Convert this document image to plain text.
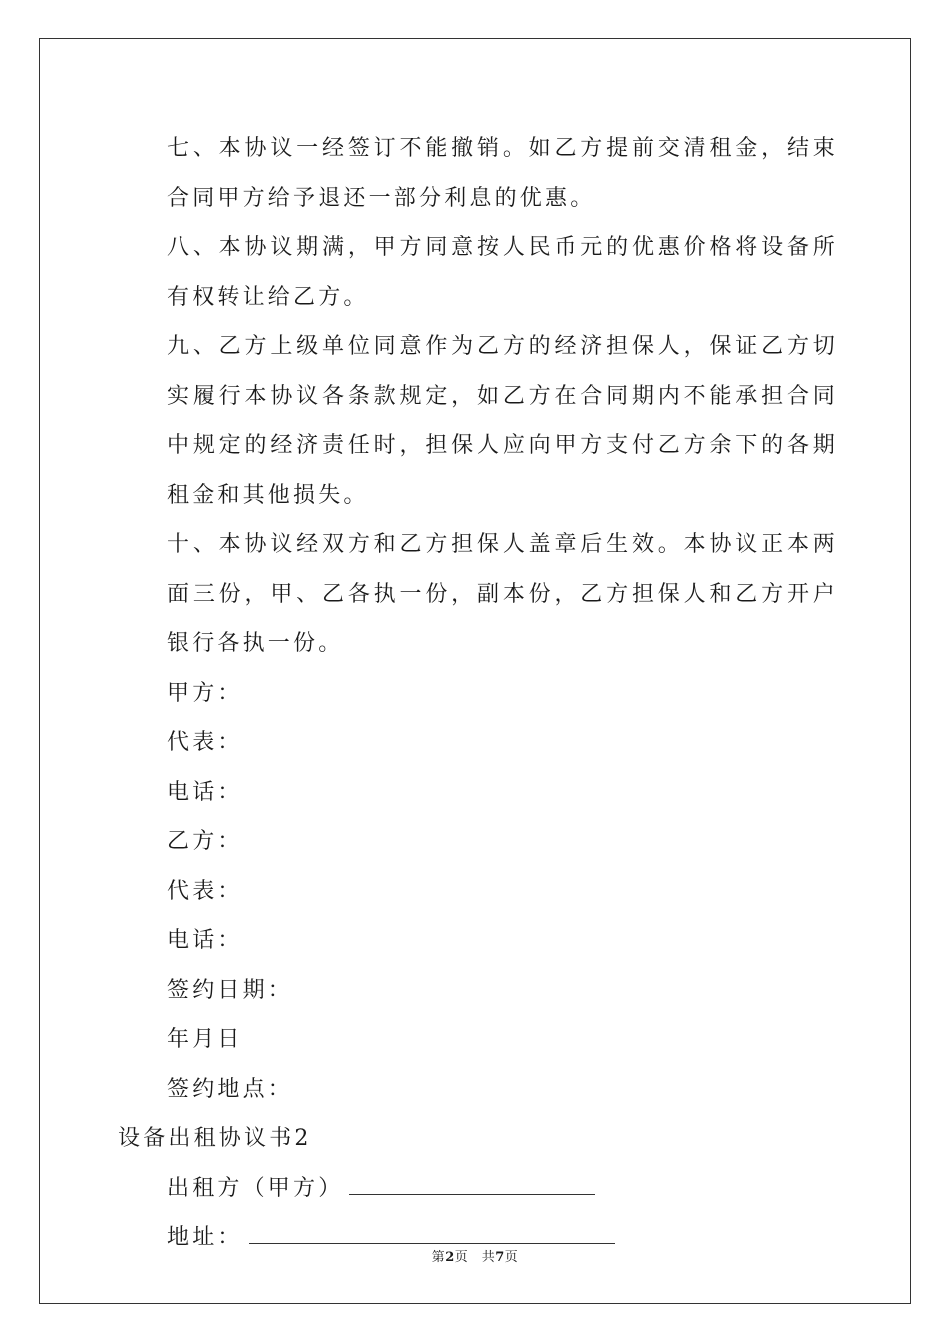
七、本协议一经签订不能撤销。如乙方提前交清租金，结束合同甲方给予退还一部分利息的优惠。

八、本协议期满，甲方同意按人民币元的优惠价格将设备所有权转让给乙方。

九、乙方上级单位同意作为乙方的经济担保人，保证乙方切实履行本协议各条款规定，如乙方在合同期内不能承担合同中规定的经济责任时，担保人应向甲方支付乙方余下的各期租金和其他损失。

十、本协议经双方和乙方担保人盖章后生效。本协议正本两面三份，甲、乙各执一份，副本份，乙方担保人和乙方开户银行各执一份。

甲方：

代表：

电话：

乙方：

代表：

电话：

签约日期：

年月日

签约地点：

设备出租协议书2

出租方（甲方）

地址：

第2页　共7页
